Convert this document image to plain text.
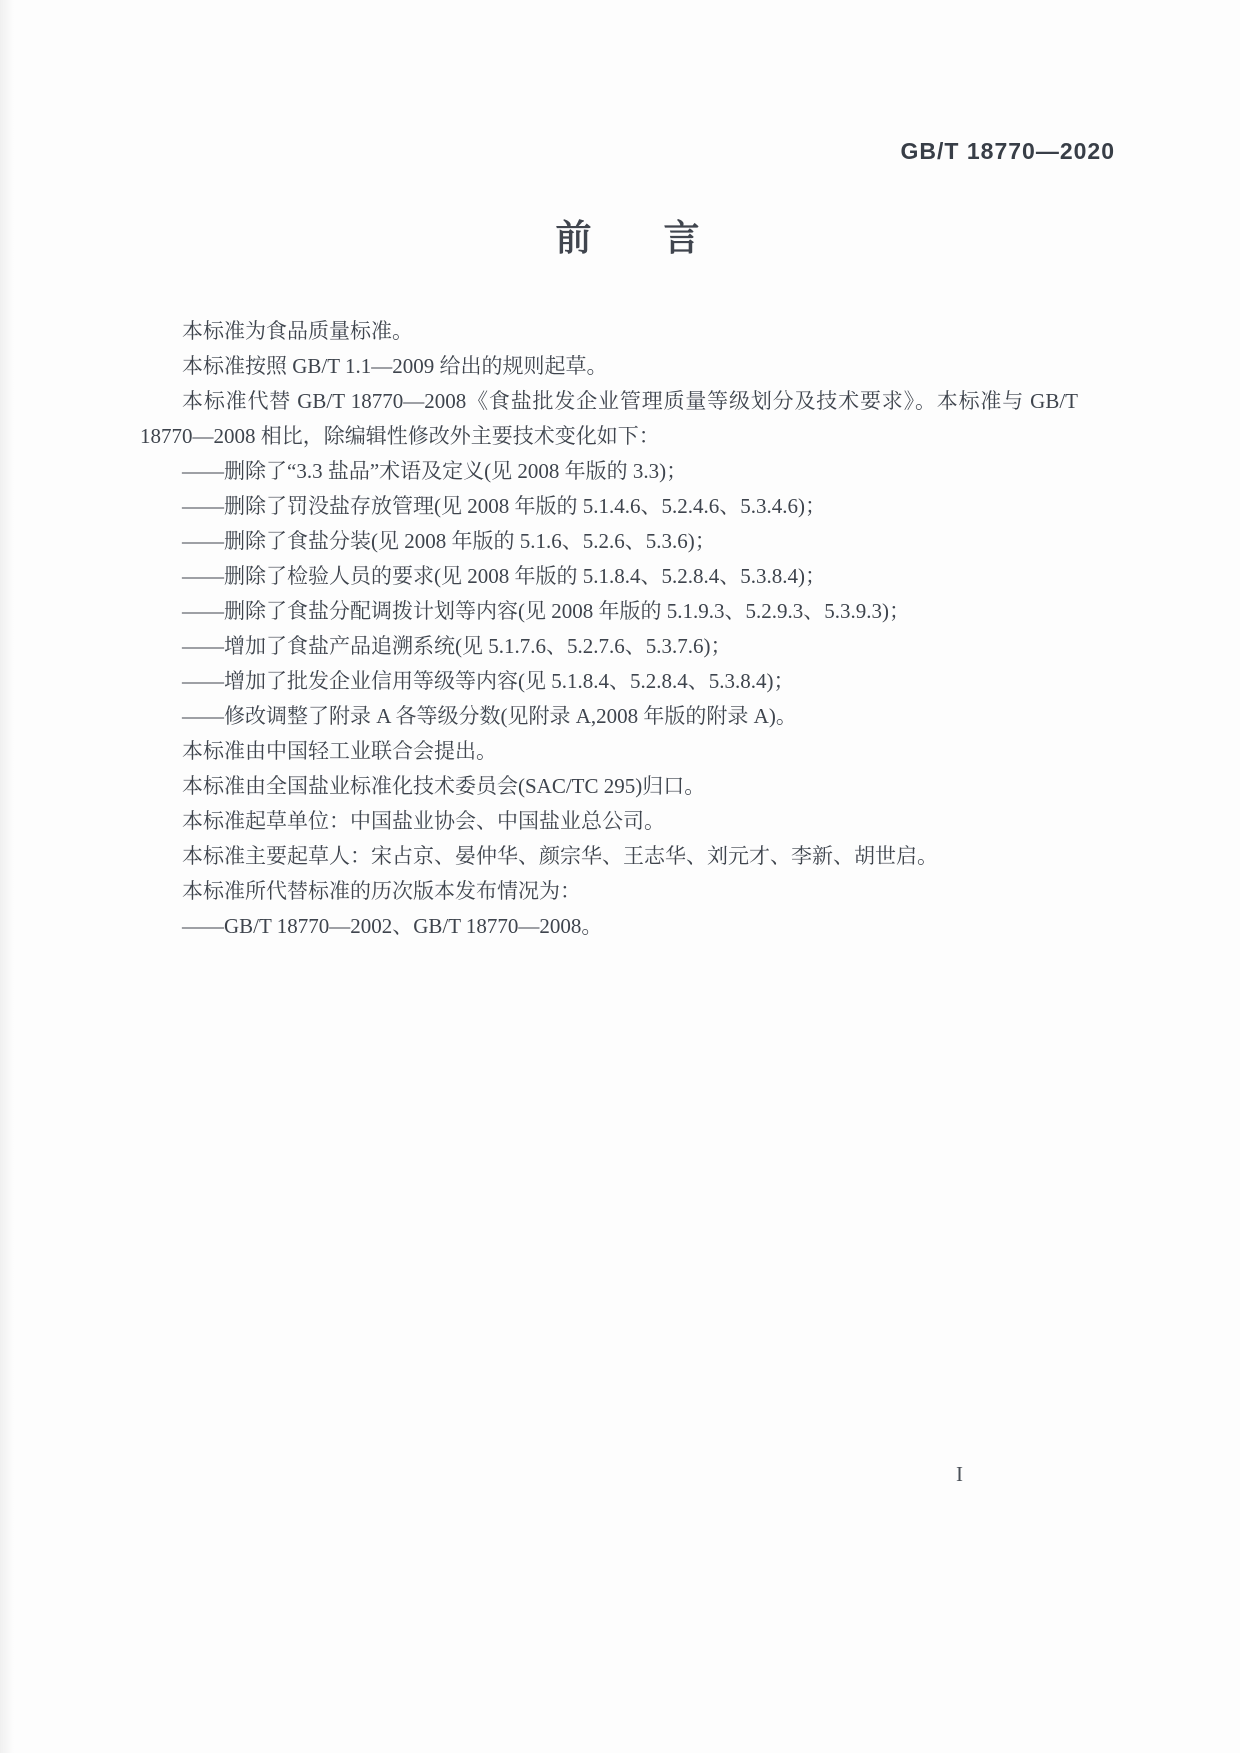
GB/T 18770—2020
前　　言

本标准为食品质量标准。

本标准按照 GB/T 1.1—2009 给出的规则起草。

本标准代替 GB/T 18770—2008《食盐批发企业管理质量等级划分及技术要求》。本标准与 GB/T 18770—2008 相比，除编辑性修改外主要技术变化如下：

——删除了“3.3 盐品”术语及定义(见 2008 年版的 3.3)；

——删除了罚没盐存放管理(见 2008 年版的 5.1.4.6、5.2.4.6、5.3.4.6)；

——删除了食盐分装(见 2008 年版的 5.1.6、5.2.6、5.3.6)；

——删除了检验人员的要求(见 2008 年版的 5.1.8.4、5.2.8.4、5.3.8.4)；

——删除了食盐分配调拨计划等内容(见 2008 年版的 5.1.9.3、5.2.9.3、5.3.9.3)；

——增加了食盐产品追溯系统(见 5.1.7.6、5.2.7.6、5.3.7.6)；

——增加了批发企业信用等级等内容(见 5.1.8.4、5.2.8.4、5.3.8.4)；

——修改调整了附录 A 各等级分数(见附录 A,2008 年版的附录 A)。

本标准由中国轻工业联合会提出。

本标准由全国盐业标准化技术委员会(SAC/TC 295)归口。

本标准起草单位：中国盐业协会、中国盐业总公司。

本标准主要起草人：宋占京、晏仲华、颜宗华、王志华、刘元才、李新、胡世启。

本标准所代替标准的历次版本发布情况为：

——GB/T 18770—2002、GB/T 18770—2008。

I
